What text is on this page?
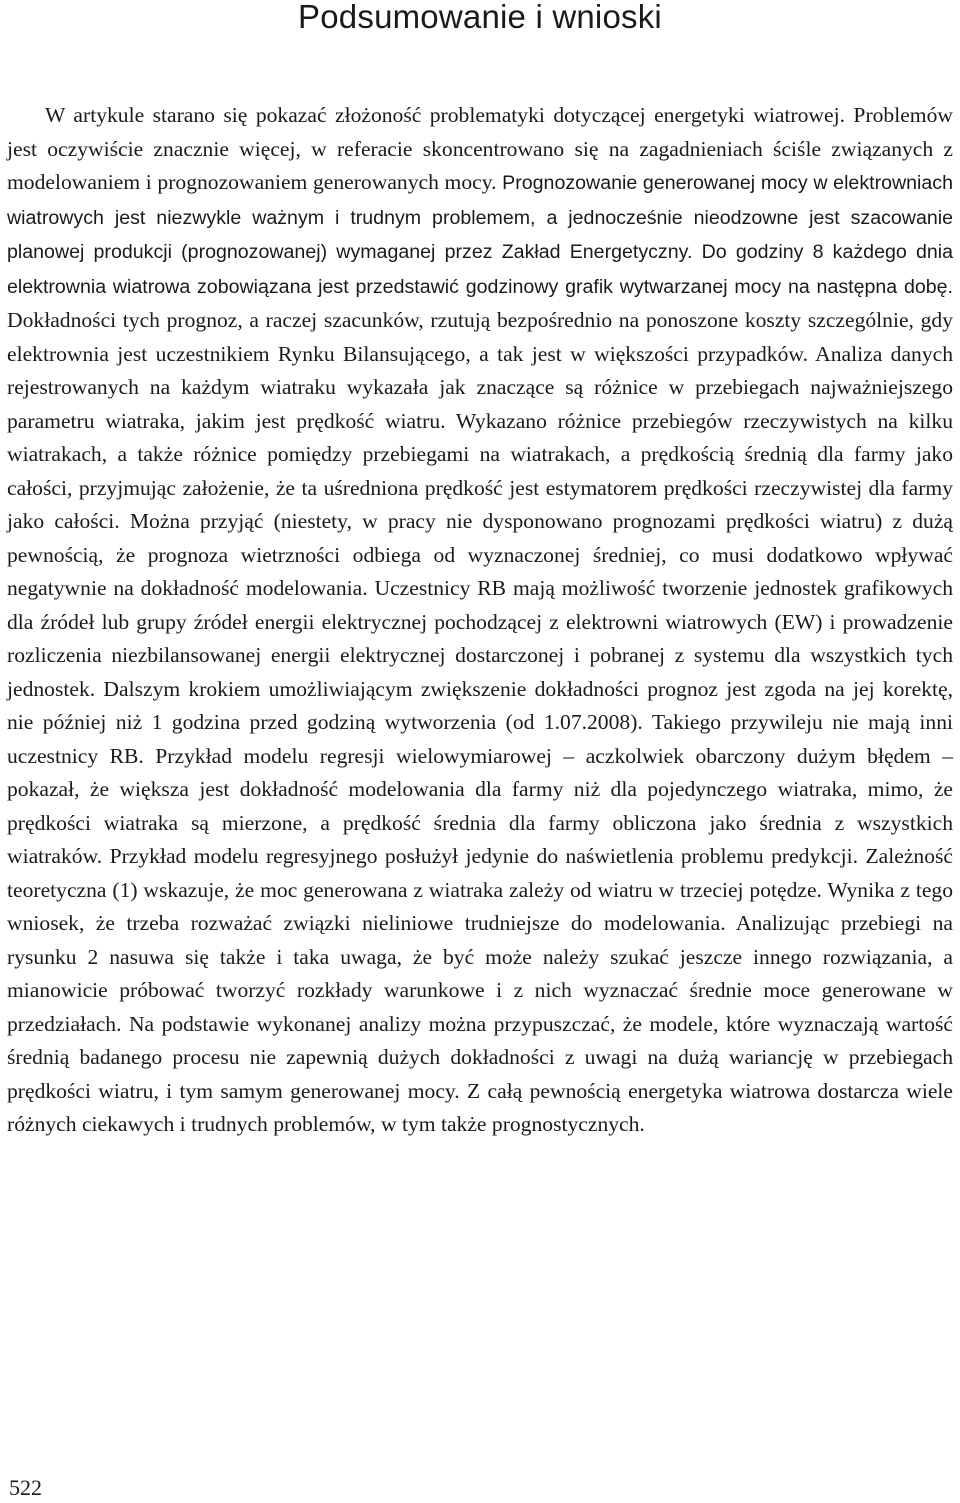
Podsumowanie i wnioski

W artykule starano się pokazać złożoność problematyki dotyczącej energetyki wiatrowej. Problemów jest oczywiście znacznie więcej, w referacie skoncentrowano się na zagadnieniach ściśle związanych z modelowaniem i prognozowaniem generowanych mocy. Prognozowanie generowanej mocy w elektrowniach wiatrowych jest niezwykle ważnym i trudnym problemem, a jednocześnie nieodzowne jest szacowanie planowej produkcji (prognozowanej) wymaganej przez Zakład Energetyczny. Do godziny 8 każdego dnia elektrownia wiatrowa zobowiązana jest przedstawić godzinowy grafik wytwarzanej mocy na następna dobę. Dokładności tych prognoz, a raczej szacunków, rzutują bezpośrednio na ponoszone koszty szczególnie, gdy elektrownia jest uczestnikiem Rynku Bilansującego, a tak jest w większości przypadków. Analiza danych rejestrowanych na każdym wiatraku wykazała jak znaczące są różnice w przebiegach najważniejszego parametru wiatraka, jakim jest prędkość wiatru. Wykazano różnice przebiegów rzeczywistych na kilku wiatrakach, a także różnice pomiędzy przebiegami na wiatrakach, a prędkością średnią dla farmy jako całości, przyjmując założenie, że ta uśredniona prędkość jest estymatorem prędkości rzeczywistej dla farmy jako całości. Można przyjąć (niestety, w pracy nie dysponowano prognozami prędkości wiatru) z dużą pewnością, że prognoza wietrzności odbiega od wyznaczonej średniej, co musi dodatkowo wpływać negatywnie na dokładność modelowania. Uczestnicy RB mają możliwość tworzenie jednostek grafikowych dla źródeł lub grupy źródeł energii elektrycznej pochodzącej z elektrowni wiatrowych (EW) i prowadzenie rozliczenia niezbilansowanej energii elektrycznej dostarczonej i pobranej z systemu dla wszystkich tych jednostek. Dalszym krokiem umożliwiającym zwiększenie dokładności prognoz jest zgoda na jej korektę, nie później niż 1 godzina przed godziną wytworzenia (od 1.07.2008). Takiego przywileju nie mają inni uczestnicy RB. Przykład modelu regresji wielowymiarowej – aczkolwiek obarczony dużym błędem – pokazał, że większa jest dokładność modelowania dla farmy niż dla pojedynczego wiatraka, mimo, że prędkości wiatraka są mierzone, a prędkość średnia dla farmy obliczona jako średnia z wszystkich wiatraków. Przykład modelu regresyjnego posłużył jedynie do naświetlenia problemu predykcji. Zależność teoretyczna (1) wskazuje, że moc generowana z wiatraka zależy od wiatru w trzeciej potędze. Wynika z tego wniosek, że trzeba rozważać związki nieliniowe trudniejsze do modelowania. Analizując przebiegi na rysunku 2 nasuwa się także i taka uwaga, że być może należy szukać jeszcze innego rozwiązania, a mianowicie próbować tworzyć rozkłady warunkowe i z nich wyznaczać średnie moce generowane w przedziałach. Na podstawie wykonanej analizy można przypuszczać, że modele, które wyznaczają wartość średnią badanego procesu nie zapewnią dużych dokładności z uwagi na dużą wariancję w przebiegach prędkości wiatru, i tym samym generowanej mocy. Z całą pewnością energetyka wiatrowa dostarcza wiele różnych ciekawych i trudnych problemów, w tym także prognostycznych.

522
